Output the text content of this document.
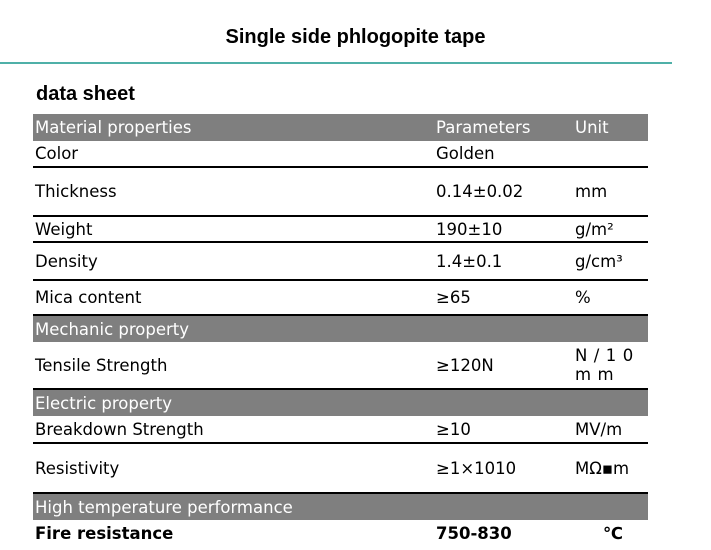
Single side phlogopite tape
data sheet
Material properties	Parameters	Unit
Color	Golden
Thickness	0.14±0.02	mm
Weight	190±10	g/m²
Density	1.4±0.1	g/cm³
Mica content	≥65	%
Mechanic property
Tensile Strength	≥120N	N / 1 0 m m
Electric property
Breakdown Strength	≥10	MV/m
Resistivity	≥1×1010	MΩ▪m
High temperature performance
Fire resistance	750-830	℃
